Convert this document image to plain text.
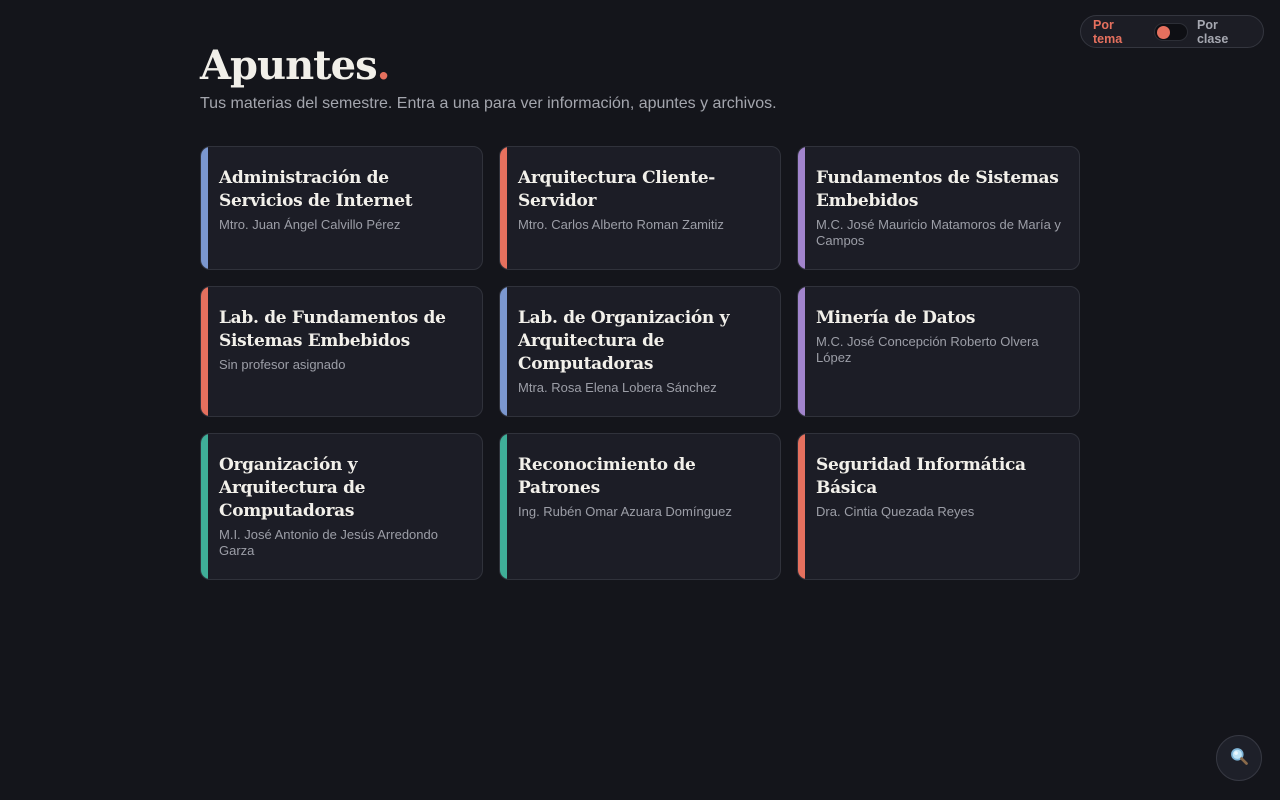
Por tema
Por clase
Apuntes.

Tus materias del semestre. Entra a una para ver información, apuntes y archivos.

Administración de Servicios de Internet
Mtro. Juan Ángel Calvillo Pérez
Arquitectura Cliente-Servidor
Mtro. Carlos Alberto Roman Zamitiz
Fundamentos de Sistemas Embebidos
M.C. José Mauricio Matamoros de María y Campos
Lab. de Fundamentos de Sistemas Embebidos
Sin profesor asignado
Lab. de Organización y Arquitectura de Computadoras
Mtra. Rosa Elena Lobera Sánchez
Minería de Datos
M.C. José Concepción Roberto Olvera López
Organización y Arquitectura de Computadoras
M.I. José Antonio de Jesús Arredondo Garza
Reconocimiento de Patrones
Ing. Rubén Omar Azuara Domínguez
Seguridad Informática Básica
Dra. Cintia Quezada Reyes
